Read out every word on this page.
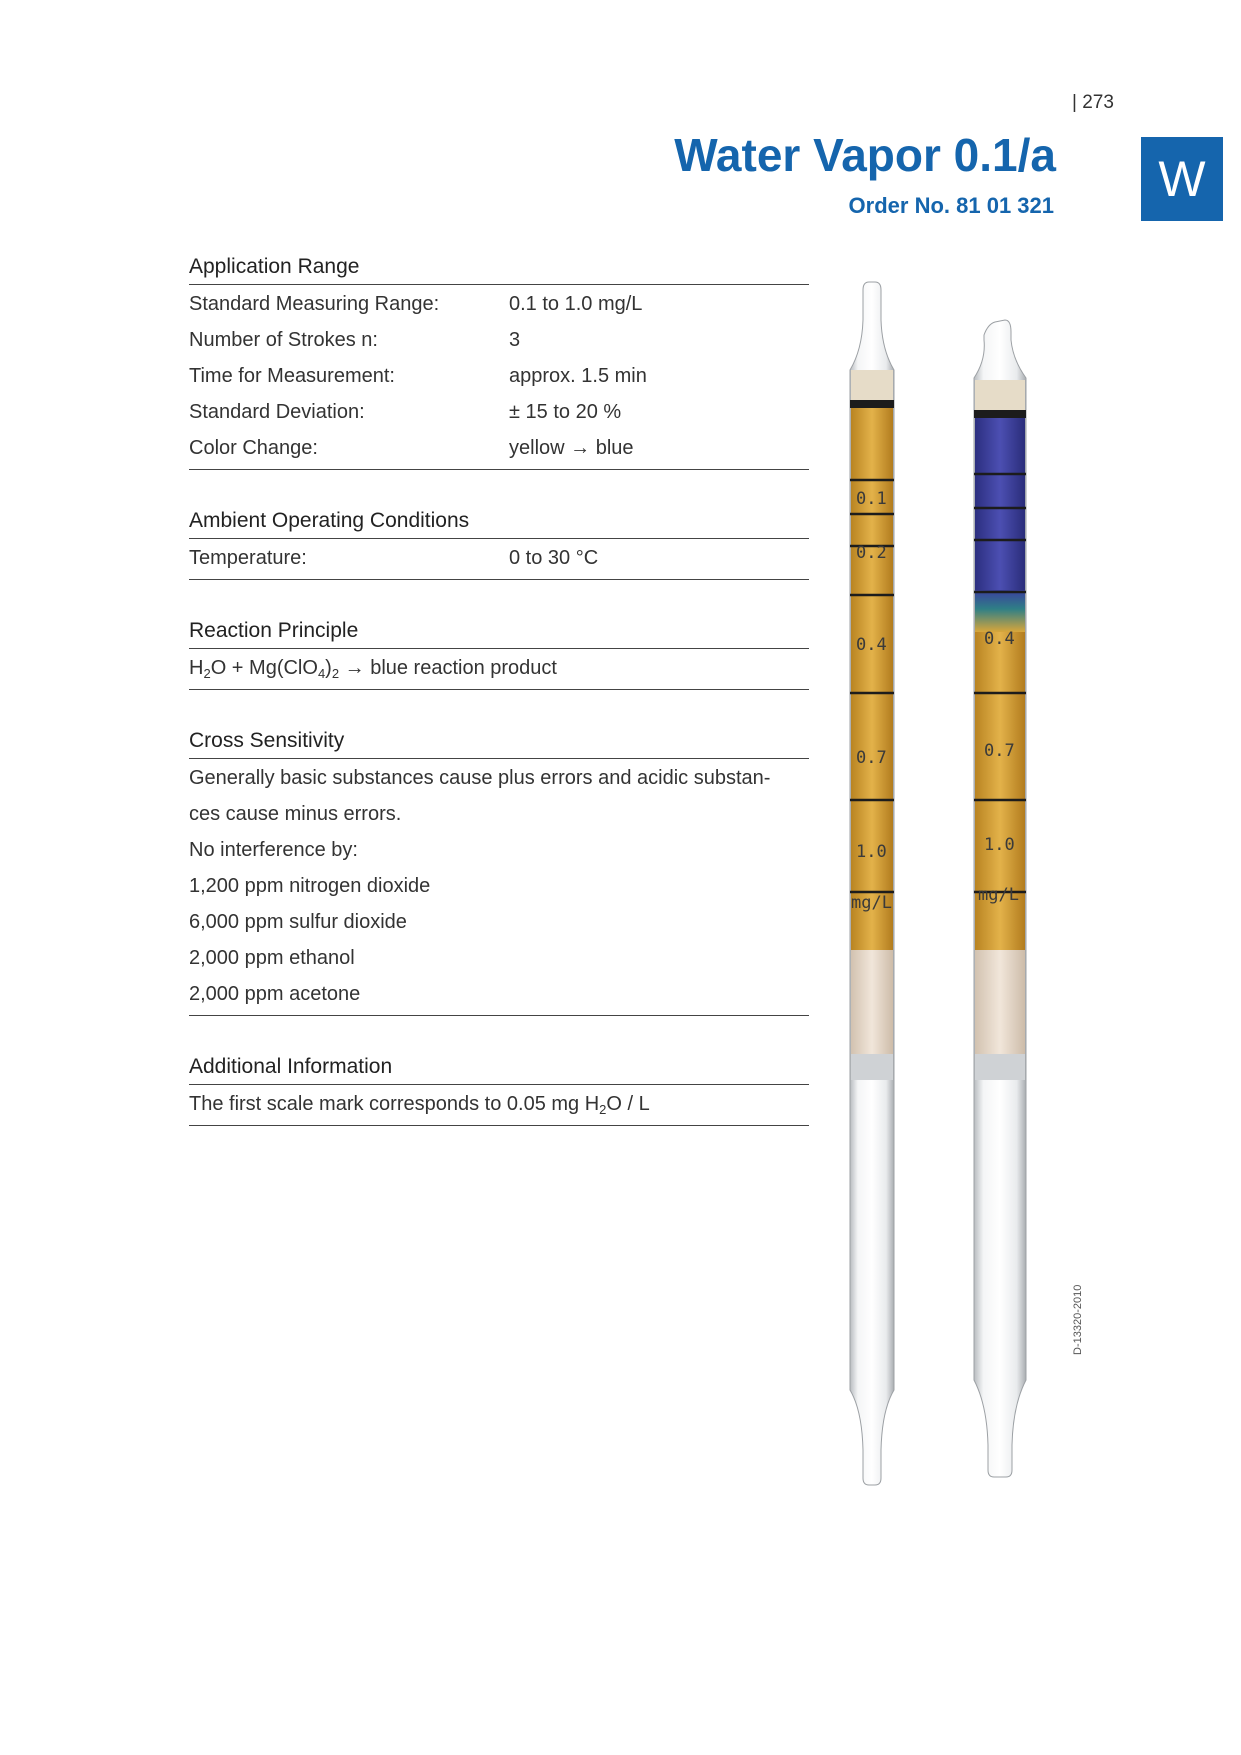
| 273
W
Water Vapor 0.1/a
Order No. 81 01 321
Application Range
Standard Measuring Range:	0.1 to 1.0 mg/L
Number of Strokes n:	3
Time for Measurement:	approx. 1.5 min
Standard Deviation:	± 15 to 20 %
Color Change:	yellow → blue
Ambient Operating Conditions
Temperature:	0 to 30 °C
Reaction Principle
$H_2O + Mg(ClO_4)_2$ → blue reaction product
Cross Sensitivity
Generally basic substances cause plus errors and acidic substan-
ces cause minus errors.
No interference by:
1,200 ppm nitrogen dioxide
6,000 ppm sulfur dioxide
2,000 ppm ethanol
2,000 ppm acetone
Additional Information
The first scale mark corresponds to 0.05 mg $H_2O$ / L
0.1
0.2
0.4
0.7
1.0
mg/L
0.4
0.7
1.0
mg/L
D-13320-2010
